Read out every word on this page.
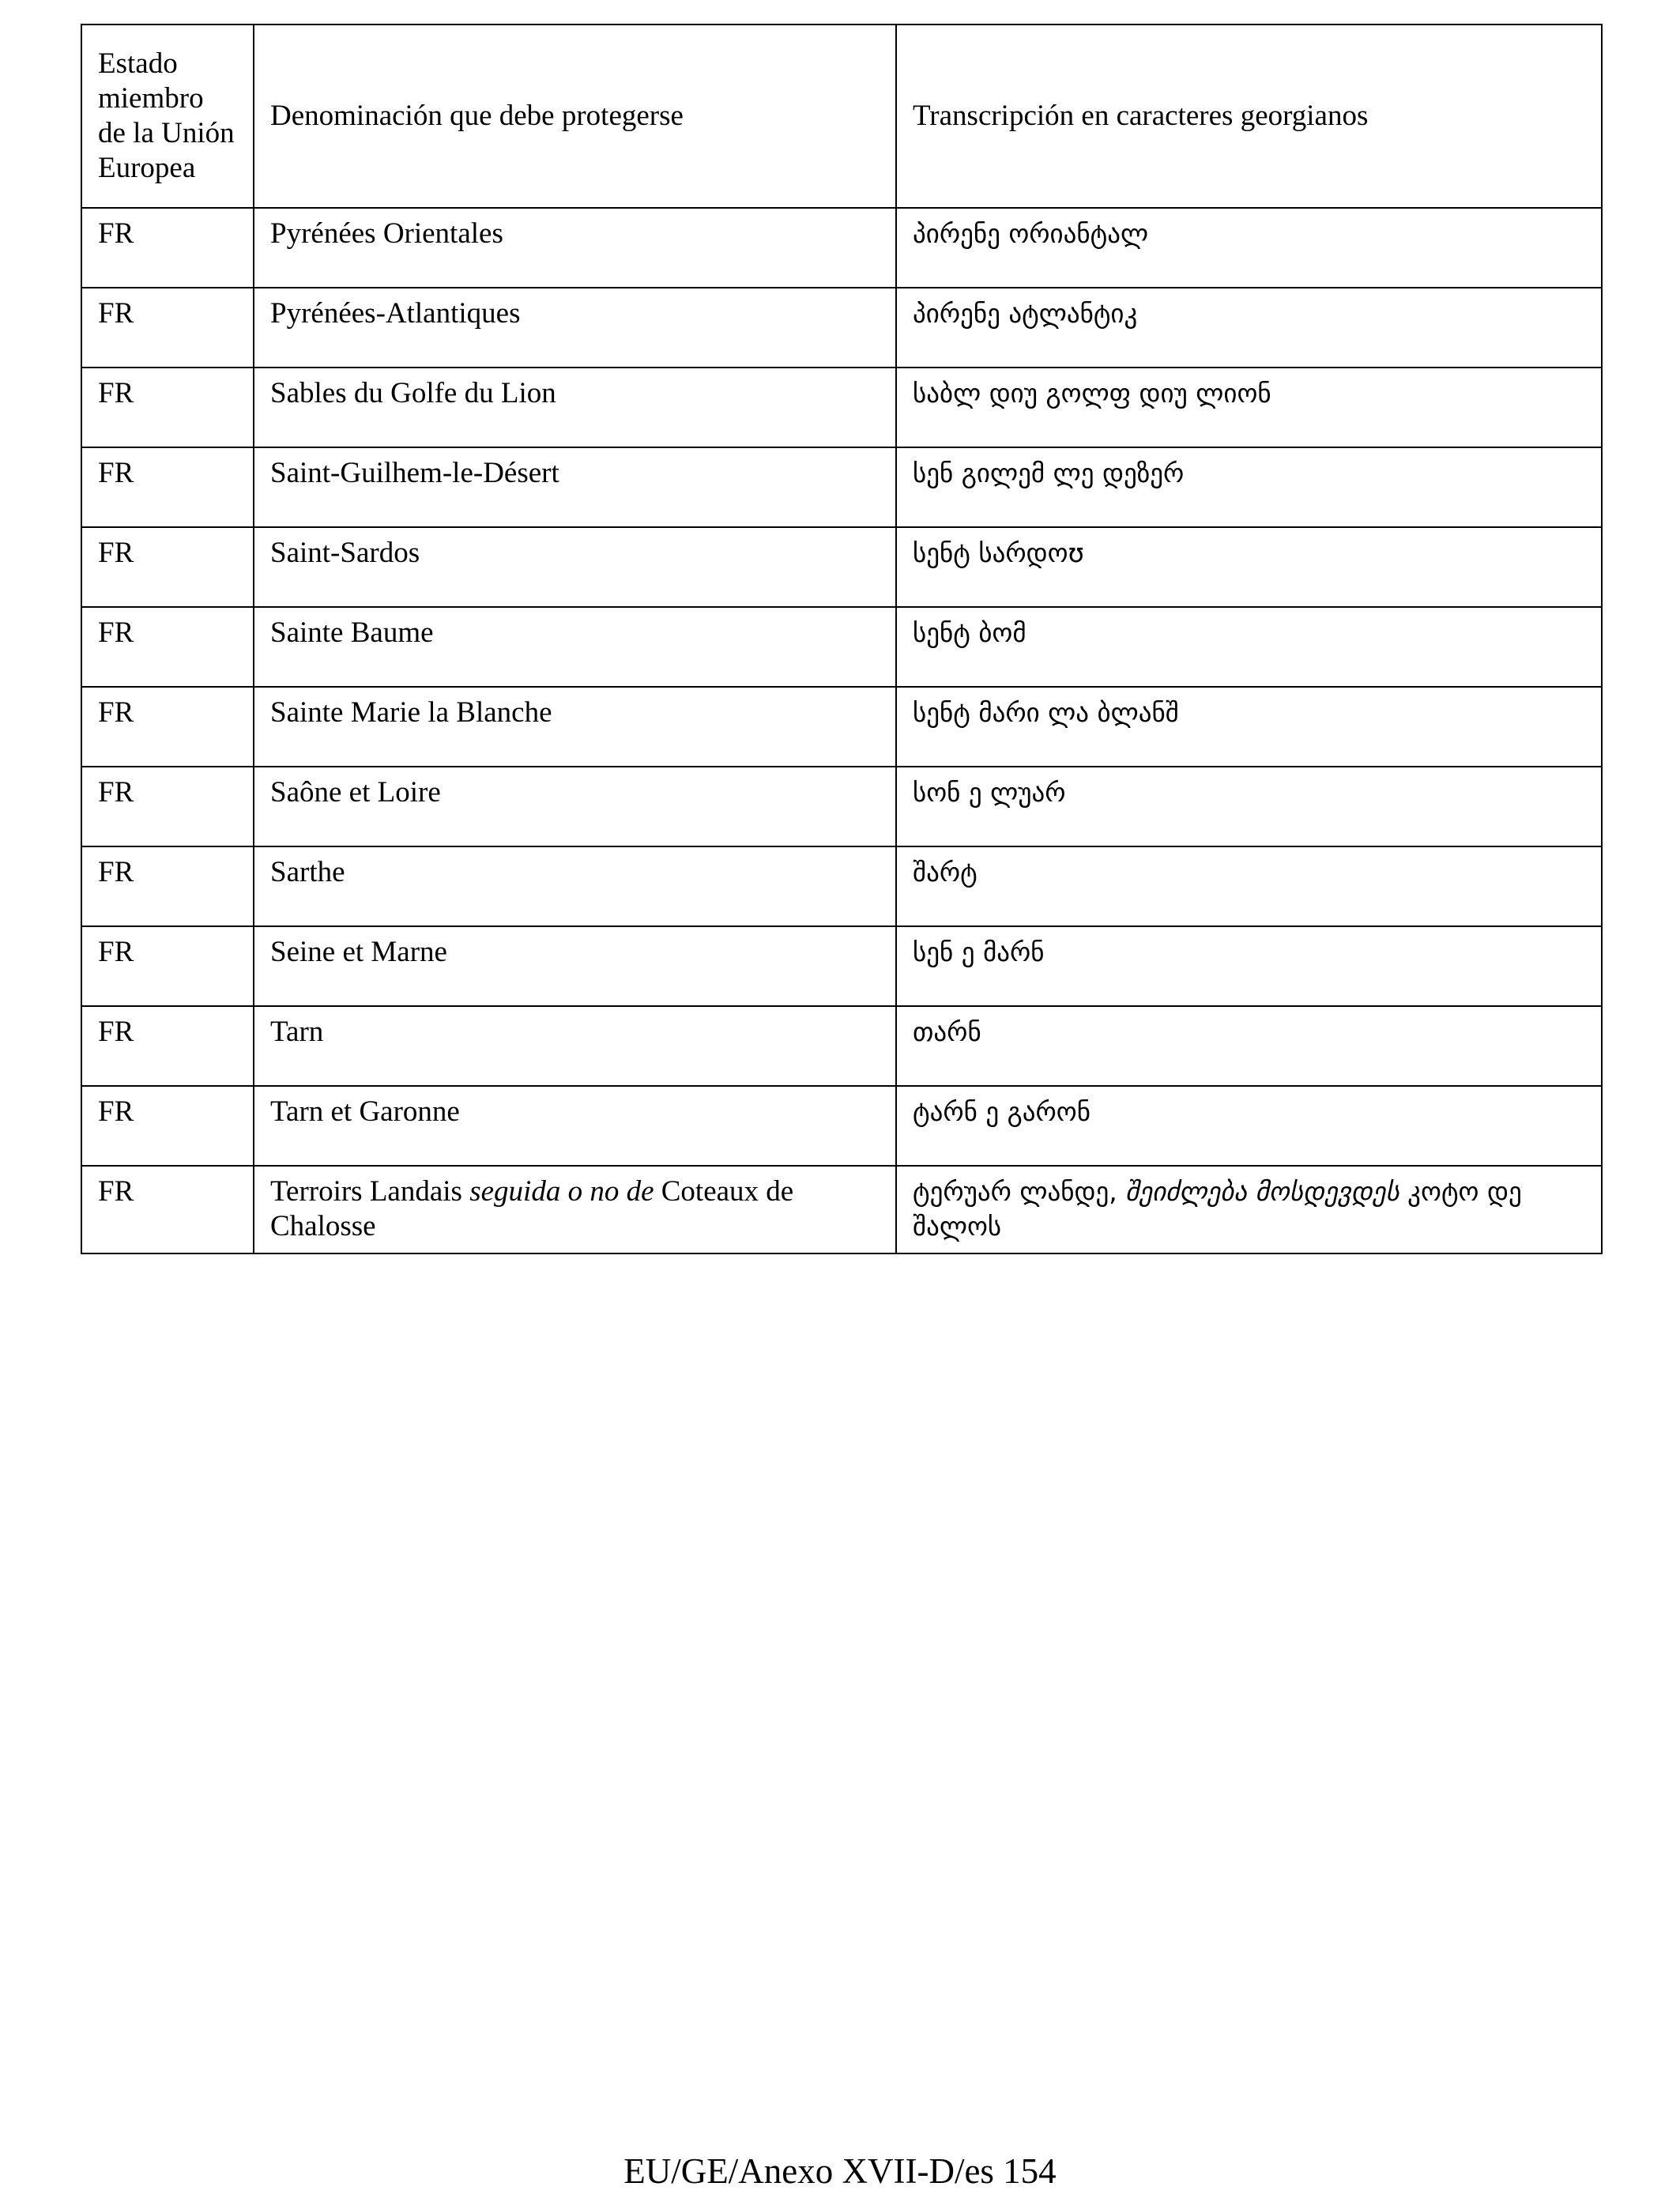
Estado miembro de la Unión Europea	Denominación que debe protegerse	Transcripción en caracteres georgianos
FR	Pyrénées Orientales	პირენე ორიანტალ
FR	Pyrénées-Atlantiques	პირენე ატლანტიკ
FR	Sables du Golfe du Lion	საბლ დიუ გოლფ დიუ ლიონ
FR	Saint-Guilhem-le-Désert	სენ გილემ ლე დეზერ
FR	Saint-Sardos	სენტ სარდოʊ
FR	Sainte Baume	სენტ ბომ
FR	Sainte Marie la Blanche	სენტ მარი ლა ბლანშ
FR	Saône et Loire	სონ ე ლუარ
FR	Sarthe	შარტ
FR	Seine et Marne	სენ ე მარნ
FR	Tarn	თარნ
FR	Tarn et Garonne	ტარნ ე გარონ
FR	Terroirs Landais seguida o no de Coteaux de Chalosse	ტერუარ ლანდე, შეიძლება მოსდევდეს კოტო დე შალოს
EU/GE/Anexo XVII-D/es 154
